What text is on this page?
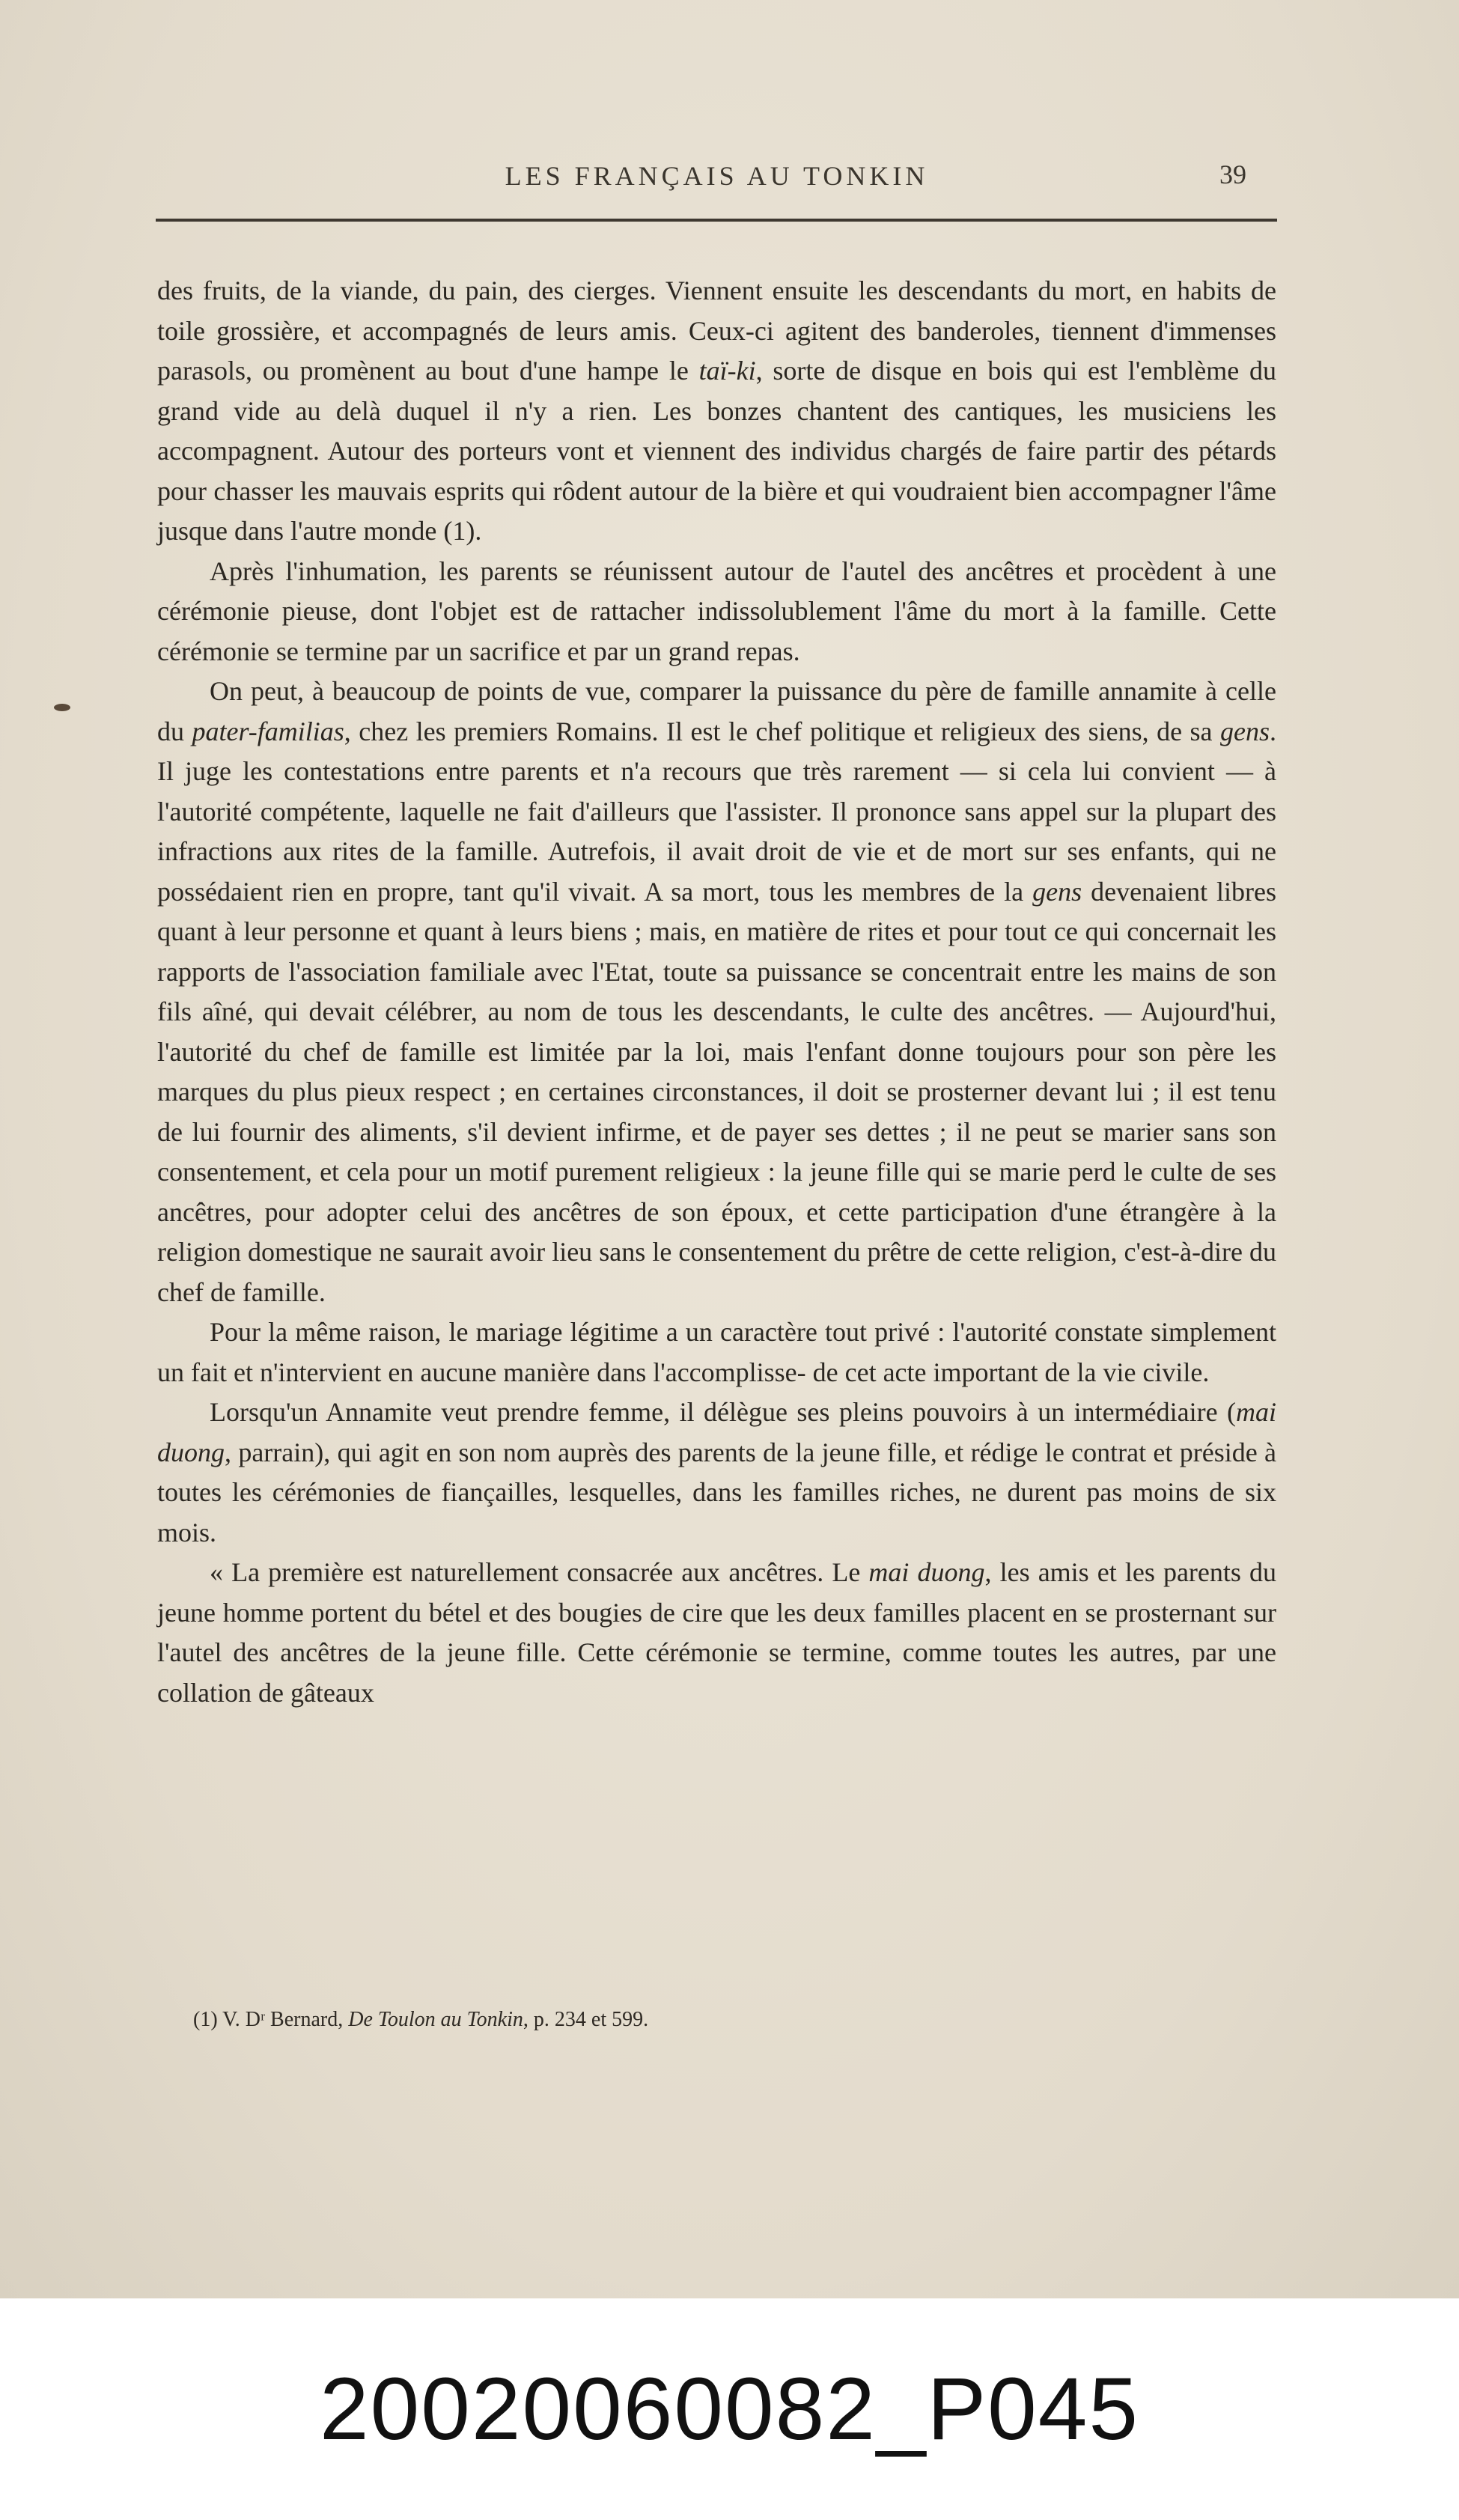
LES FRANÇAIS AU TONKIN	39

des fruits, de la viande, du pain, des cierges. Viennent ensuite les descendants du mort, en habits de toile grossière, et accompagnés de leurs amis. Ceux-ci agitent des banderoles, tiennent d'immenses parasols, ou promènent au bout d'une hampe le taï-ki, sorte de disque en bois qui est l'emblème du grand vide au delà duquel il n'y a rien. Les bonzes chantent des cantiques, les musiciens les accompagnent. Autour des porteurs vont et viennent des individus chargés de faire partir des pétards pour chasser les mauvais esprits qui rôdent autour de la bière et qui voudraient bien accompagner l'âme jusque dans l'autre monde (1).

Après l'inhumation, les parents se réunissent autour de l'autel des ancêtres et procèdent à une cérémonie pieuse, dont l'objet est de rattacher indissolublement l'âme du mort à la famille. Cette cérémonie se termine par un sacrifice et par un grand repas.

On peut, à beaucoup de points de vue, comparer la puissance du père de famille annamite à celle du pater-familias, chez les premiers Romains. Il est le chef politique et religieux des siens, de sa gens. Il juge les contestations entre parents et n'a recours que très rarement — si cela lui convient — à l'autorité compétente, laquelle ne fait d'ailleurs que l'assister. Il prononce sans appel sur la plupart des infractions aux rites de la famille. Autrefois, il avait droit de vie et de mort sur ses enfants, qui ne possédaient rien en propre, tant qu'il vivait. A sa mort, tous les membres de la gens devenaient libres quant à leur personne et quant à leurs biens ; mais, en matière de rites et pour tout ce qui concernait les rapports de l'association familiale avec l'Etat, toute sa puissance se concentrait entre les mains de son fils aîné, qui devait célébrer, au nom de tous les descendants, le culte des ancêtres. — Aujourd'hui, l'autorité du chef de famille est limitée par la loi, mais l'enfant donne toujours pour son père les marques du plus pieux respect ; en certaines circonstances, il doit se prosterner devant lui ; il est tenu de lui fournir des aliments, s'il devient infirme, et de payer ses dettes ; il ne peut se marier sans son consentement, et cela pour un motif purement religieux : la jeune fille qui se marie perd le culte de ses ancêtres, pour adopter celui des ancêtres de son époux, et cette participation d'une étrangère à la religion domestique ne saurait avoir lieu sans le consentement du prêtre de cette religion, c'est-à-dire du chef de famille.

Pour la même raison, le mariage légitime a un caractère tout privé : l'autorité constate simplement un fait et n'intervient en aucune manière dans l'accomplisse- de cet acte important de la vie civile.

Lorsqu'un Annamite veut prendre femme, il délègue ses pleins pouvoirs à un intermédiaire (mai duong, parrain), qui agit en son nom auprès des parents de la jeune fille, et rédige le contrat et préside à toutes les cérémonies de fiançailles, lesquelles, dans les familles riches, ne durent pas moins de six mois.

« La première est naturellement consacrée aux ancêtres. Le mai duong, les amis et les parents du jeune homme portent du bétel et des bougies de cire que les deux familles placent en se prosternant sur l'autel des ancêtres de la jeune fille. Cette cérémonie se termine, comme toutes les autres, par une collation de gâteaux

(1) V. Dʳ Bernard, De Toulon au Tonkin, p. 234 et 599.
20020060082_P045
